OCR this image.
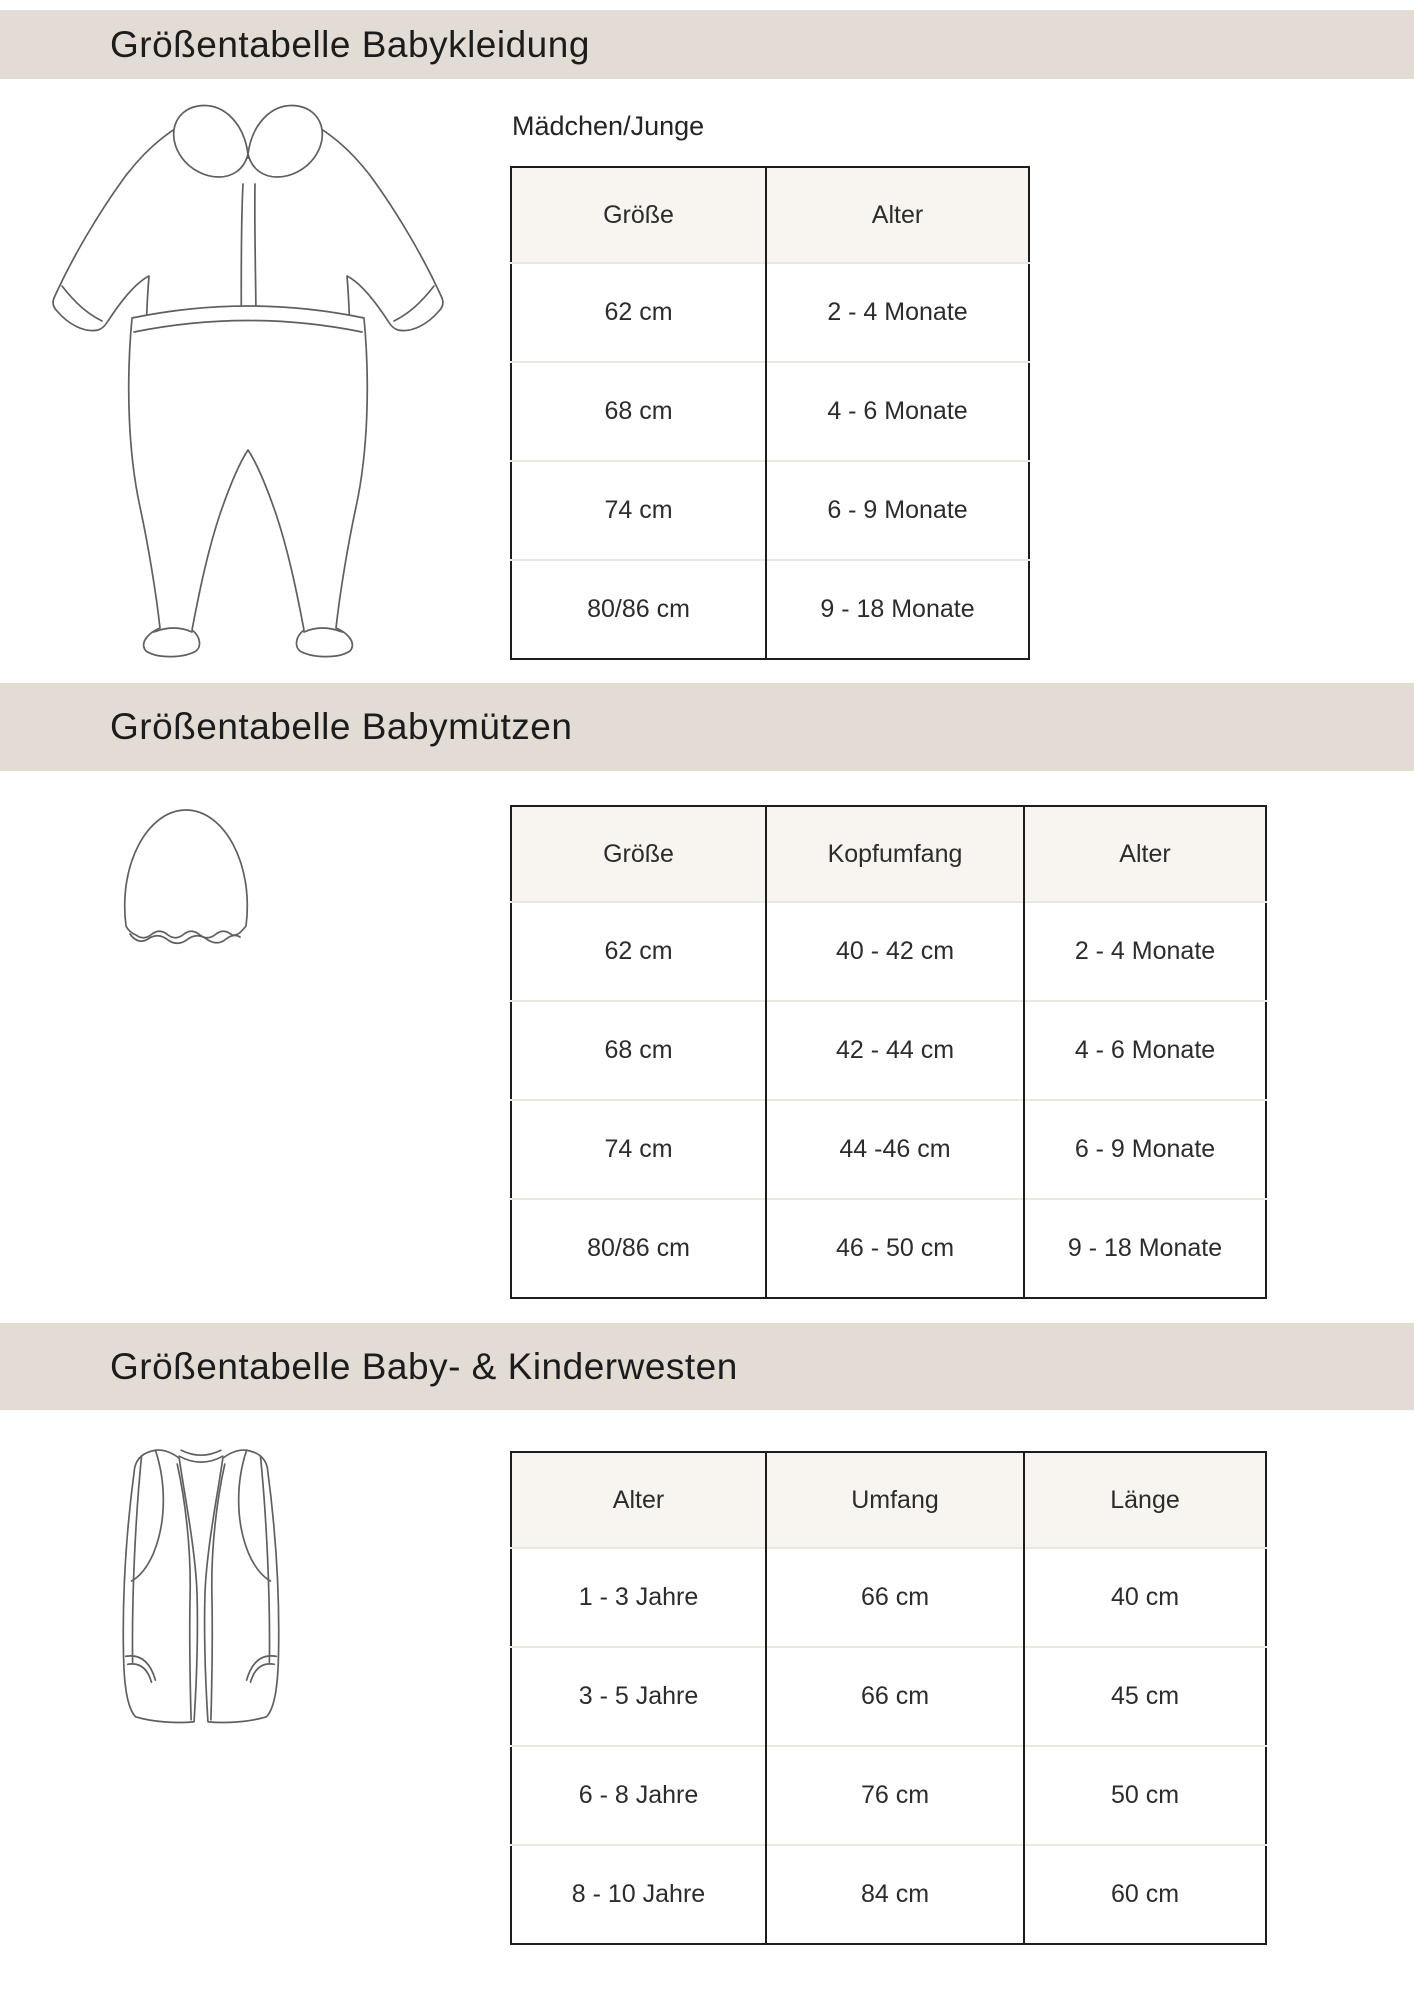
Größentabelle Babykleidung
Mädchen/Junge
Größe	Alter
62 cm	2 - 4 Monate
68 cm	4 - 6 Monate
74 cm	6 - 9 Monate
80/86 cm	9 - 18 Monate
Größentabelle Babymützen
Größe	Kopfumfang	Alter
62 cm	40 - 42 cm	2 - 4 Monate
68 cm	42 - 44 cm	4 - 6 Monate
74 cm	44 -46 cm	6 - 9 Monate
80/86 cm	46 - 50 cm	9 - 18 Monate
Größentabelle Baby- & Kinderwesten
Alter	Umfang	Länge
1 - 3 Jahre	66 cm	40 cm
3 - 5 Jahre	66 cm	45 cm
6 - 8 Jahre	76 cm	50 cm
8 - 10 Jahre	84 cm	60 cm
